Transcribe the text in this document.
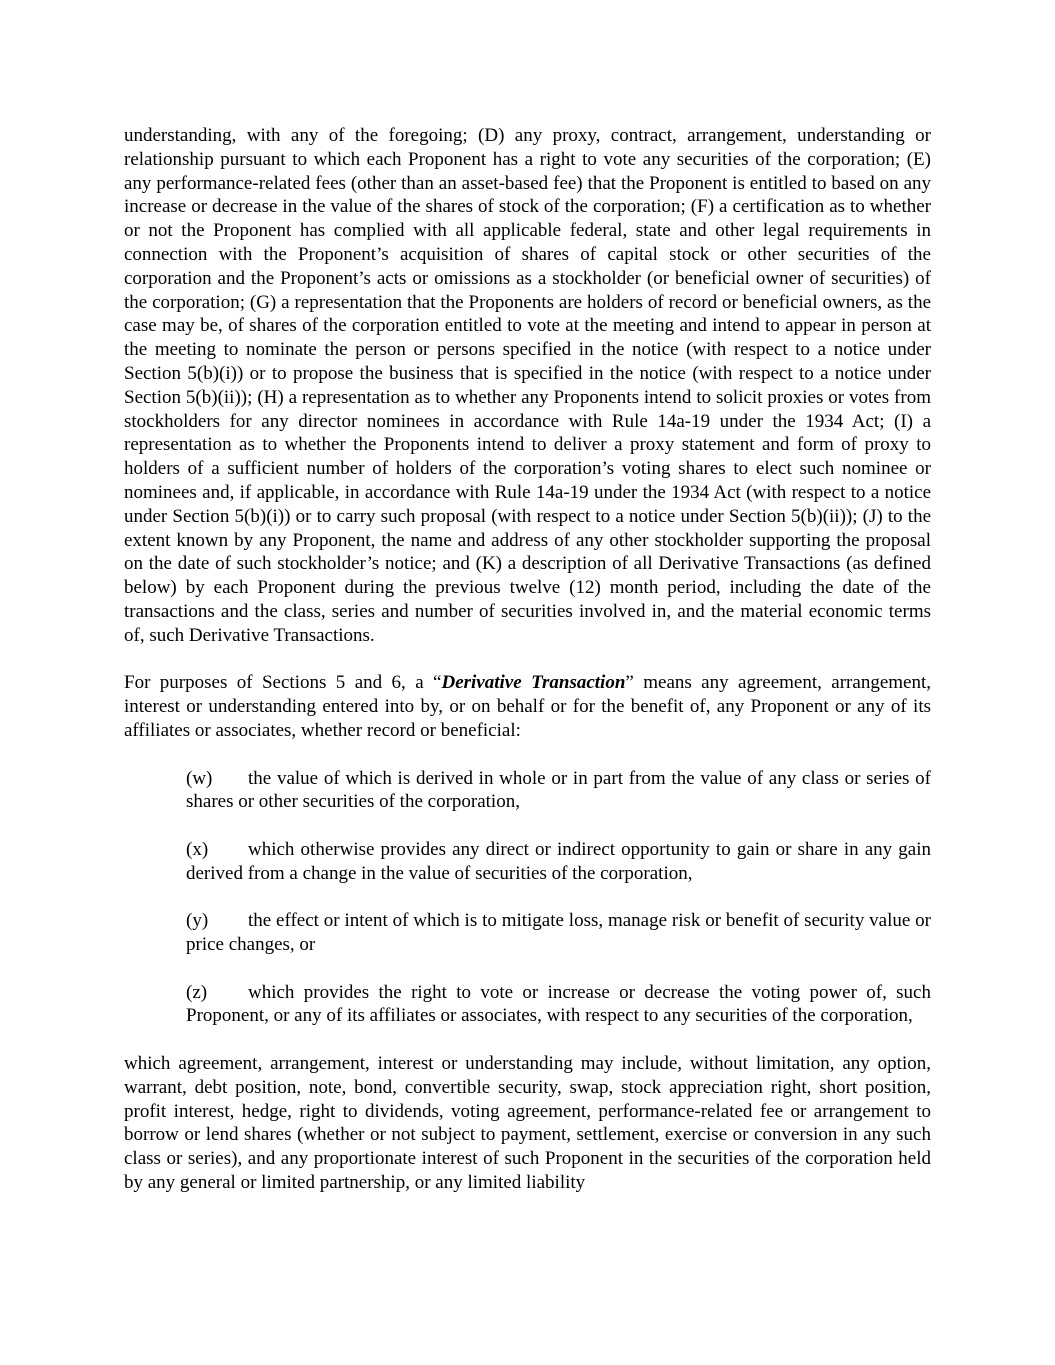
understanding, with any of the foregoing; (D) any proxy, contract, arrangement, understanding or relationship pursuant to which each Proponent has a right to vote any securities of the corporation; (E) any performance-related fees (other than an asset-based fee) that the Proponent is entitled to based on any increase or decrease in the value of the shares of stock of the corporation; (F) a certification as to whether or not the Proponent has complied with all applicable federal, state and other legal requirements in connection with the Proponent’s acquisition of shares of capital stock or other securities of the corporation and the Proponent’s acts or omissions as a stockholder (or beneficial owner of securities) of the corporation; (G) a representation that the Proponents are holders of record or beneficial owners, as the case may be, of shares of the corporation entitled to vote at the meeting and intend to appear in person at the meeting to nominate the person or persons specified in the notice (with respect to a notice under Section 5(b)(i)) or to propose the business that is specified in the notice (with respect to a notice under Section 5(b)(ii)); (H) a representation as to whether any Proponents intend to solicit proxies or votes from stockholders for any director nominees in accordance with Rule 14a-19 under the 1934 Act; (I) a representation as to whether the Proponents intend to deliver a proxy statement and form of proxy to holders of a sufficient number of holders of the corporation’s voting shares to elect such nominee or nominees and, if applicable, in accordance with Rule 14a-19 under the 1934 Act (with respect to a notice under Section 5(b)(i)) or to carry such proposal (with respect to a notice under Section 5(b)(ii)); (J) to the extent known by any Proponent, the name and address of any other stockholder supporting the proposal on the date of such stockholder’s notice; and (K) a description of all Derivative Transactions (as defined below) by each Proponent during the previous twelve (12) month period, including the date of the transactions and the class, series and number of securities involved in, and the material economic terms of, such Derivative Transactions.

For purposes of Sections 5 and 6, a “Derivative Transaction” means any agreement, arrangement, interest or understanding entered into by, or on behalf or for the benefit of, any Proponent or any of its affiliates or associates, whether record or beneficial:

(w) the value of which is derived in whole or in part from the value of any class or series of shares or other securities of the corporation,
(x) which otherwise provides any direct or indirect opportunity to gain or share in any gain derived from a change in the value of securities of the corporation,
(y) the effect or intent of which is to mitigate loss, manage risk or benefit of security value or price changes, or
(z) which provides the right to vote or increase or decrease the voting power of, such Proponent, or any of its affiliates or associates, with respect to any securities of the corporation,

which agreement, arrangement, interest or understanding may include, without limitation, any option, warrant, debt position, note, bond, convertible security, swap, stock appreciation right, short position, profit interest, hedge, right to dividends, voting agreement, performance-related fee or arrangement to borrow or lend shares (whether or not subject to payment, settlement, exercise or conversion in any such class or series), and any proportionate interest of such Proponent in the securities of the corporation held by any general or limited partnership, or any limited liability
